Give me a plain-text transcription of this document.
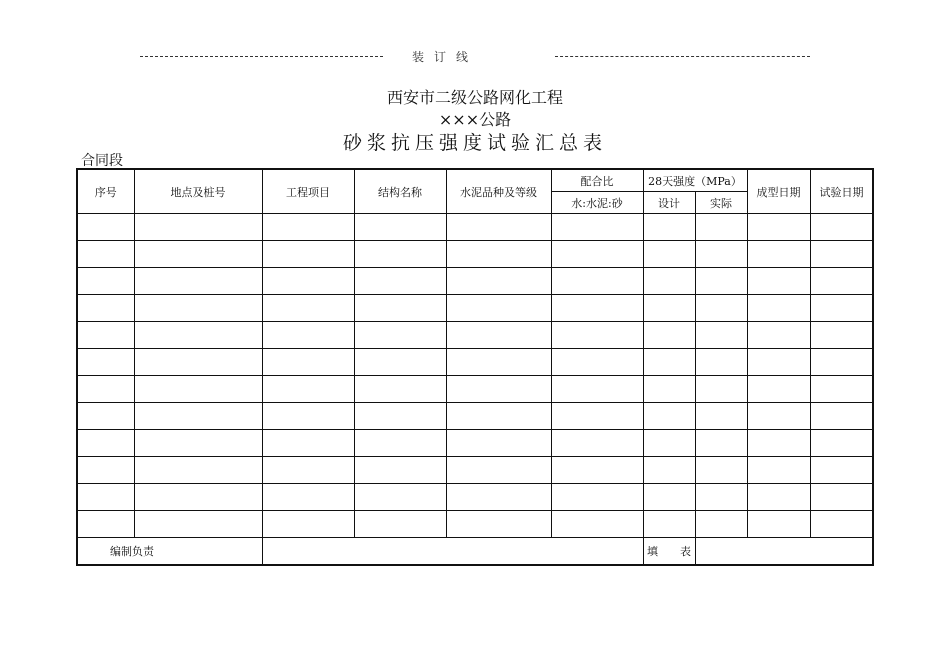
装订线
西安市二级公路网化工程
×××公路
砂浆抗压强度试验汇总表
合同段
序号	地点及桩号	工程项目	结构名称	水泥品种及等级	配合比	28天强度（MPa）		成型日期	试验日期
					水:水泥:砂	设计	实际		

编制负责						填　　表			
